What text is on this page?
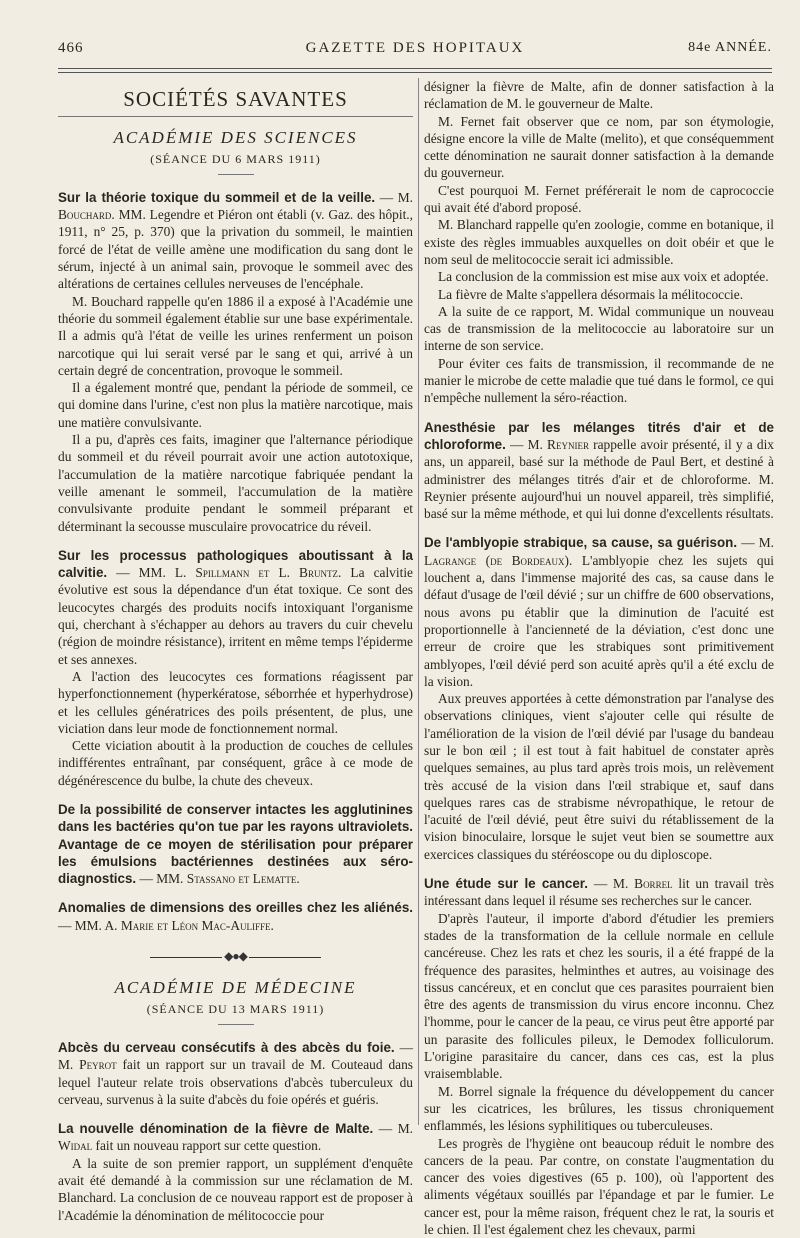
466	GAZETTE DES HOPITAUX	84e ANNÉE.
SOCIÉTÉS SAVANTES
ACADÉMIE DES SCIENCES
(SÉANCE DU 6 MARS 1911)

Sur la théorie toxique du sommeil et de la veille. — M. Bouchard. MM. Legendre et Piéron ont établi (v. Gaz. des hôpit., 1911, n° 25, p. 370) que la privation du sommeil, le maintien forcé de l'état de veille amène une modification du sang dont le sérum, injecté à un animal sain, provoque le sommeil avec des altérations de certaines cellules nerveuses de l'encéphale.

M. Bouchard rappelle qu'en 1886 il a exposé à l'Académie une théorie du sommeil également établie sur une base expérimentale. Il a admis qu'à l'état de veille les urines renferment un poison narcotique qui lui serait versé par le sang et qui, arrivé à un certain degré de concentration, provoque le sommeil.

Il a également montré que, pendant la période de sommeil, ce qui domine dans l'urine, c'est non plus la matière narcotique, mais une matière convulsivante.

Il a pu, d'après ces faits, imaginer que l'alternance périodique du sommeil et du réveil pourrait avoir une action autotoxique, l'accumulation de la matière narcotique fabriquée pendant la veille amenant le sommeil, l'accumulation de la matière convulsivante produite pendant le sommeil préparant et déterminant la secousse musculaire provocatrice du réveil.

Sur les processus pathologiques aboutissant à la calvitie. — MM. L. Spillmann et L. Bruntz. La calvitie évolutive est sous la dépendance d'un état toxique. Ce sont des leucocytes chargés des produits nocifs intoxiquant l'organisme qui, cherchant à s'échapper au dehors au travers du cuir chevelu (région de moindre résistance), irritent en même temps l'épiderme et ses annexes.

A l'action des leucocytes ces formations réagissent par hyperfonctionnement (hyperkératose, séborrhée et hyperhydrose) et les cellules génératrices des poils présentent, de plus, une viciation dans leur mode de fonctionnement normal.

Cette viciation aboutit à la production de couches de cellules indifférentes entraînant, par conséquent, grâce à ce mode de dégénérescence du bulbe, la chute des cheveux.

De la possibilité de conserver intactes les agglutinines dans les bactéries qu'on tue par les rayons ultraviolets. Avantage de ce moyen de stérilisation pour préparer les émulsions bactériennes destinées aux séro-diagnostics. — MM. Stassano et Lematte.

Anomalies de dimensions des oreilles chez les aliénés. — MM. A. Marie et Léon Mac-Auliffe.

◆●◆
ACADÉMIE DE MÉDECINE
(SÉANCE DU 13 MARS 1911)

Abcès du cerveau consécutifs à des abcès du foie. — M. Peyrot fait un rapport sur un travail de M. Couteaud dans lequel l'auteur relate trois observations d'abcès tuberculeux du cerveau, survenus à la suite d'abcès du foie opérés et guéris.

La nouvelle dénomination de la fièvre de Malte. — M. Widal fait un nouveau rapport sur cette question.

A la suite de son premier rapport, un supplément d'enquête avait été demandé à la commission sur une réclamation de M. Blanchard. La conclusion de ce nouveau rapport est de proposer à l'Académie la dénomination de mélitococcie pour

désigner la fièvre de Malte, afin de donner satisfaction à la réclamation de M. le gouverneur de Malte.

M. Fernet fait observer que ce nom, par son étymologie, désigne encore la ville de Malte (melito), et que conséquemment cette dénomination ne saurait donner satisfaction à la demande du gouverneur.

C'est pourquoi M. Fernet préférerait le nom de caprococcie qui avait été d'abord proposé.

M. Blanchard rappelle qu'en zoologie, comme en botanique, il existe des règles immuables auxquelles on doit obéir et que le nom seul de melitococcie serait ici admissible.

La conclusion de la commission est mise aux voix et adoptée.

La fièvre de Malte s'appellera désormais la mélitococcie.

A la suite de ce rapport, M. Widal communique un nouveau cas de transmission de la melitococcie au laboratoire sur un interne de son service.

Pour éviter ces faits de transmission, il recommande de ne manier le microbe de cette maladie que tué dans le formol, ce qui n'empêche nullement la séro-réaction.

Anesthésie par les mélanges titrés d'air et de chloroforme. — M. Reynier rappelle avoir présenté, il y a dix ans, un appareil, basé sur la méthode de Paul Bert, et destiné à administrer des mélanges titrés d'air et de chloroforme. M. Reynier présente aujourd'hui un nouvel appareil, très simplifié, basé sur la même méthode, et qui lui donne d'excellents résultats.

De l'amblyopie strabique, sa cause, sa guérison. — M. Lagrange (de Bordeaux). L'amblyopie chez les sujets qui louchent a, dans l'immense majorité des cas, sa cause dans le défaut d'usage de l'œil dévié ; sur un chiffre de 600 observations, nous avons pu établir que la diminution de l'acuité est proportionnelle à l'ancienneté de la déviation, c'est donc une erreur de croire que les strabiques sont primitivement amblyopes, l'œil dévié perd son acuité après qu'il a été exclu de la vision.

Aux preuves apportées à cette démonstration par l'analyse des observations cliniques, vient s'ajouter celle qui résulte de l'amélioration de la vision de l'œil dévié par l'usage du bandeau sur le bon œil ; il est tout à fait habituel de constater après quelques semaines, au plus tard après trois mois, un relèvement très accusé de la vision dans l'œil strabique et, sauf dans quelques rares cas de strabisme névropathique, le retour de l'acuité de l'œil dévié, peut être suivi du rétablissement de la vision binoculaire, lorsque le sujet veut bien se soumettre aux exercices classiques du stéréoscope ou du diploscope.

Une étude sur le cancer. — M. Borrel lit un travail très intéressant dans lequel il résume ses recherches sur le cancer.

D'après l'auteur, il importe d'abord d'étudier les premiers stades de la transformation de la cellule normale en cellule cancéreuse. Chez les rats et chez les souris, il a été frappé de la fréquence des parasites, helminthes et autres, au voisinage des tissus cancéreux, et en conclut que ces parasites pourraient bien être des agents de transmission du virus encore inconnu. Chez l'homme, pour le cancer de la peau, ce virus peut être apporté par un parasite des follicules pileux, le Demodex folliculorum. L'origine parasitaire du cancer, dans ces cas, est la plus vraisemblable.

M. Borrel signale la fréquence du développement du cancer sur les cicatrices, les brûlures, les tissus chroniquement enflammés, les lésions syphilitiques ou tuberculeuses.

Les progrès de l'hygiène ont beaucoup réduit le nombre des cancers de la peau. Par contre, on constate l'augmentation du cancer des voies digestives (65 p. 100), où l'apportent des aliments végétaux souillés par l'épandage et par le fumier. Le cancer est, pour la même raison, fréquent chez le rat, la souris et le chien. Il l'est également chez les chevaux, parmi
